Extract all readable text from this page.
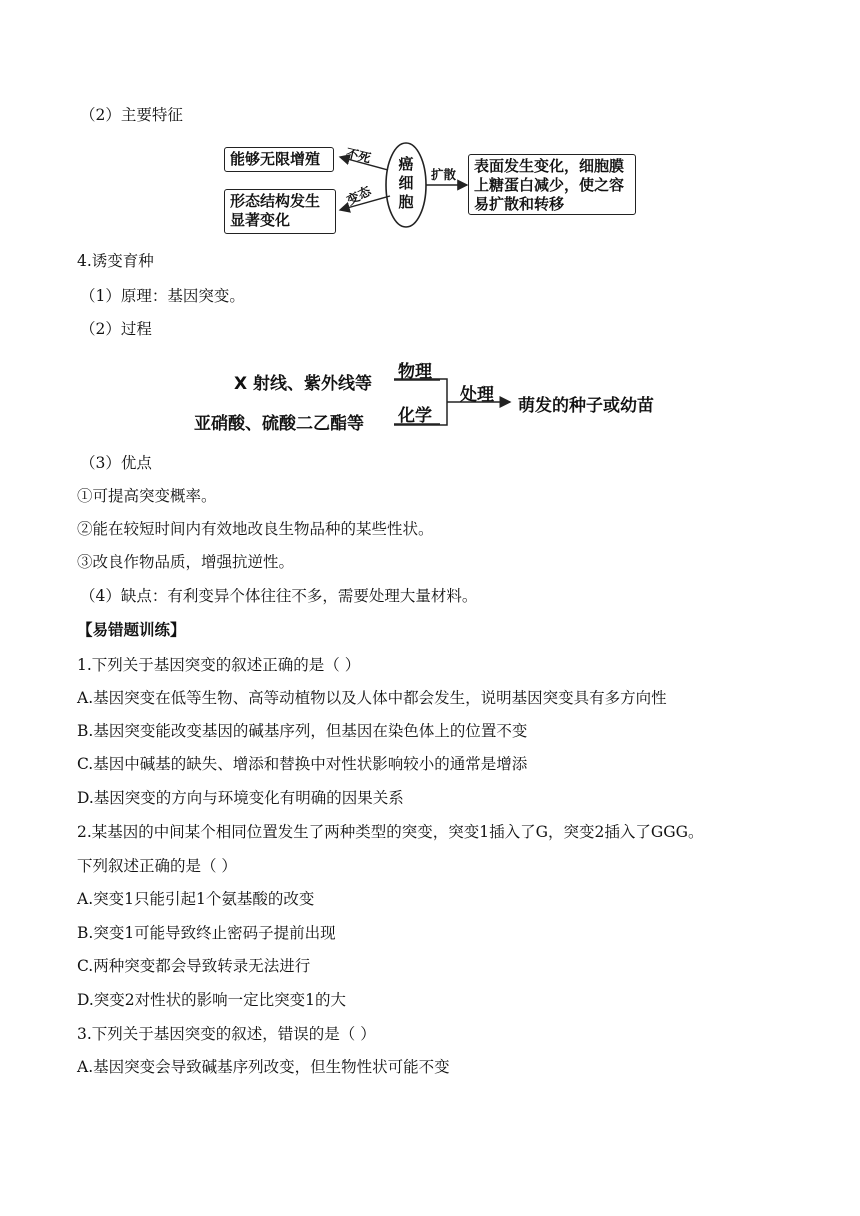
（2）主要特征
能够无限增殖
形态结构发生显著变化
不死
变态
癌细胞
扩散	表面发生变化，细胞膜上糖蛋白减少，使之容易扩散和转移
4.诱变育种
（1）原理：基因突变。
（2）过程
X 射线、紫外线等
亚硝酸、硫酸二乙酯等
物理
化学
处理
萌发的种子或幼苗
（3）优点
①可提高突变概率。
②能在较短时间内有效地改良生物品种的某些性状。
③改良作物品质，增强抗逆性。
（4）缺点：有利变异个体往往不多，需要处理大量材料。
【易错题训练】
1.下列关于基因突变的叙述正确的是（ ）
A.基因突变在低等生物、高等动植物以及人体中都会发生，说明基因突变具有多方向性
B.基因突变能改变基因的碱基序列，但基因在染色体上的位置不变
C.基因中碱基的缺失、增添和替换中对性状影响较小的通常是增添
D.基因突变的方向与环境变化有明确的因果关系
2.某基因的中间某个相同位置发生了两种类型的突变，突变1插入了G，突变2插入了GGG。
下列叙述正确的是（ ）
A.突变1只能引起1个氨基酸的改变
B.突变1可能导致终止密码子提前出现
C.两种突变都会导致转录无法进行
D.突变2对性状的影响一定比突变1的大
3.下列关于基因突变的叙述，错误的是（ ）
A.基因突变会导致碱基序列改变，但生物性状可能不变
